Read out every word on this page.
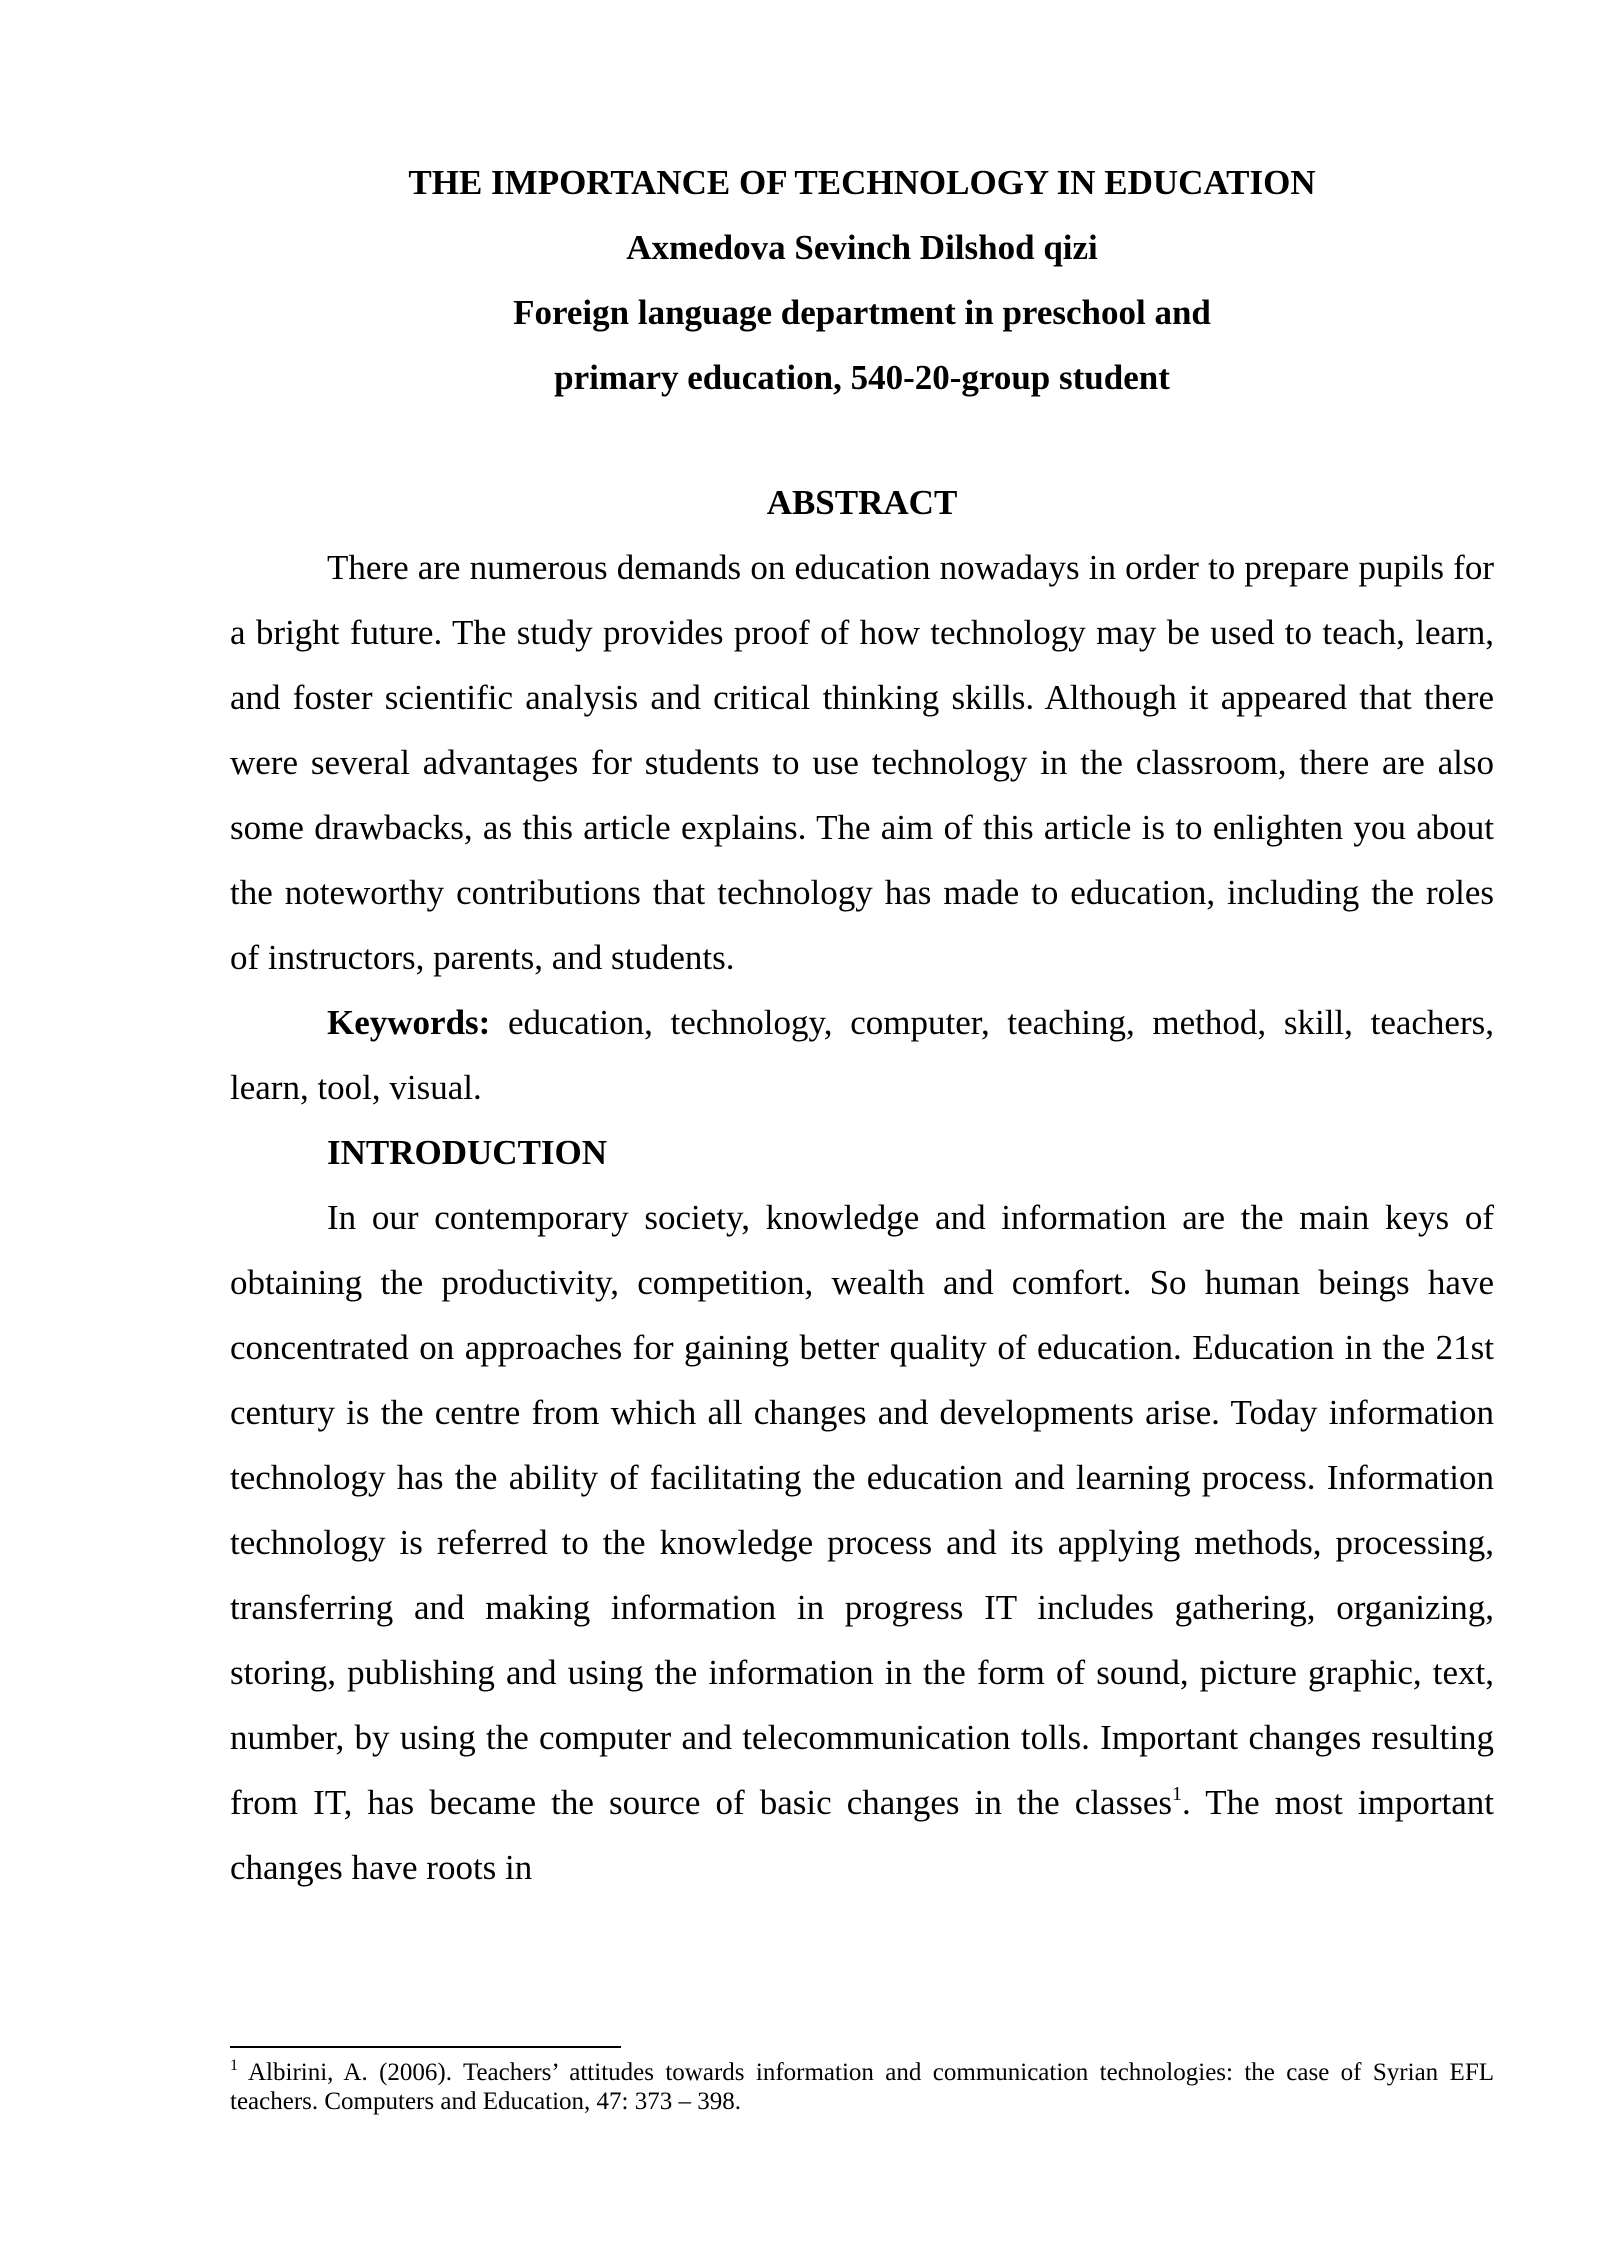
THE IMPORTANCE OF TECHNOLOGY IN EDUCATION
Axmedova Sevinch Dilshod qizi
Foreign language department in preschool and
primary education, 540-20-group student
ABSTRACT

There are numerous demands on education nowadays in order to prepare pupils for a bright future. The study provides proof of how technology may be used to teach, learn, and foster scientific analysis and critical thinking skills. Although it appeared that there were several advantages for students to use technology in the classroom, there are also some drawbacks, as this article explains. The aim of this article is to enlighten you about the noteworthy contributions that technology has made to education, including the roles of instructors, parents, and students.

Keywords: education, technology, computer, teaching, method, skill, teachers, learn, tool, visual.

INTRODUCTION

In our contemporary society, knowledge and information are the main keys of obtaining the productivity, competition, wealth and comfort. So human beings have concentrated on approaches for gaining better quality of education. Education in the 21st century is the centre from which all changes and developments arise. Today information technology has the ability of facilitating the education and learning process. Information technology is referred to the knowledge process and its applying methods, processing, transferring and making information in progress IT includes gathering, organizing, storing, publishing and using the information in the form of sound, picture graphic, text, number, by using the computer and telecommunication tolls. Important changes resulting from IT, has became the source of basic changes in the classes$^1$. The most important changes have roots in

$^1$ Albirini, A. (2006). Teachers’ attitudes towards information and communication technologies: the case of Syrian EFL teachers. Computers and Education, 47: 373 – 398.
